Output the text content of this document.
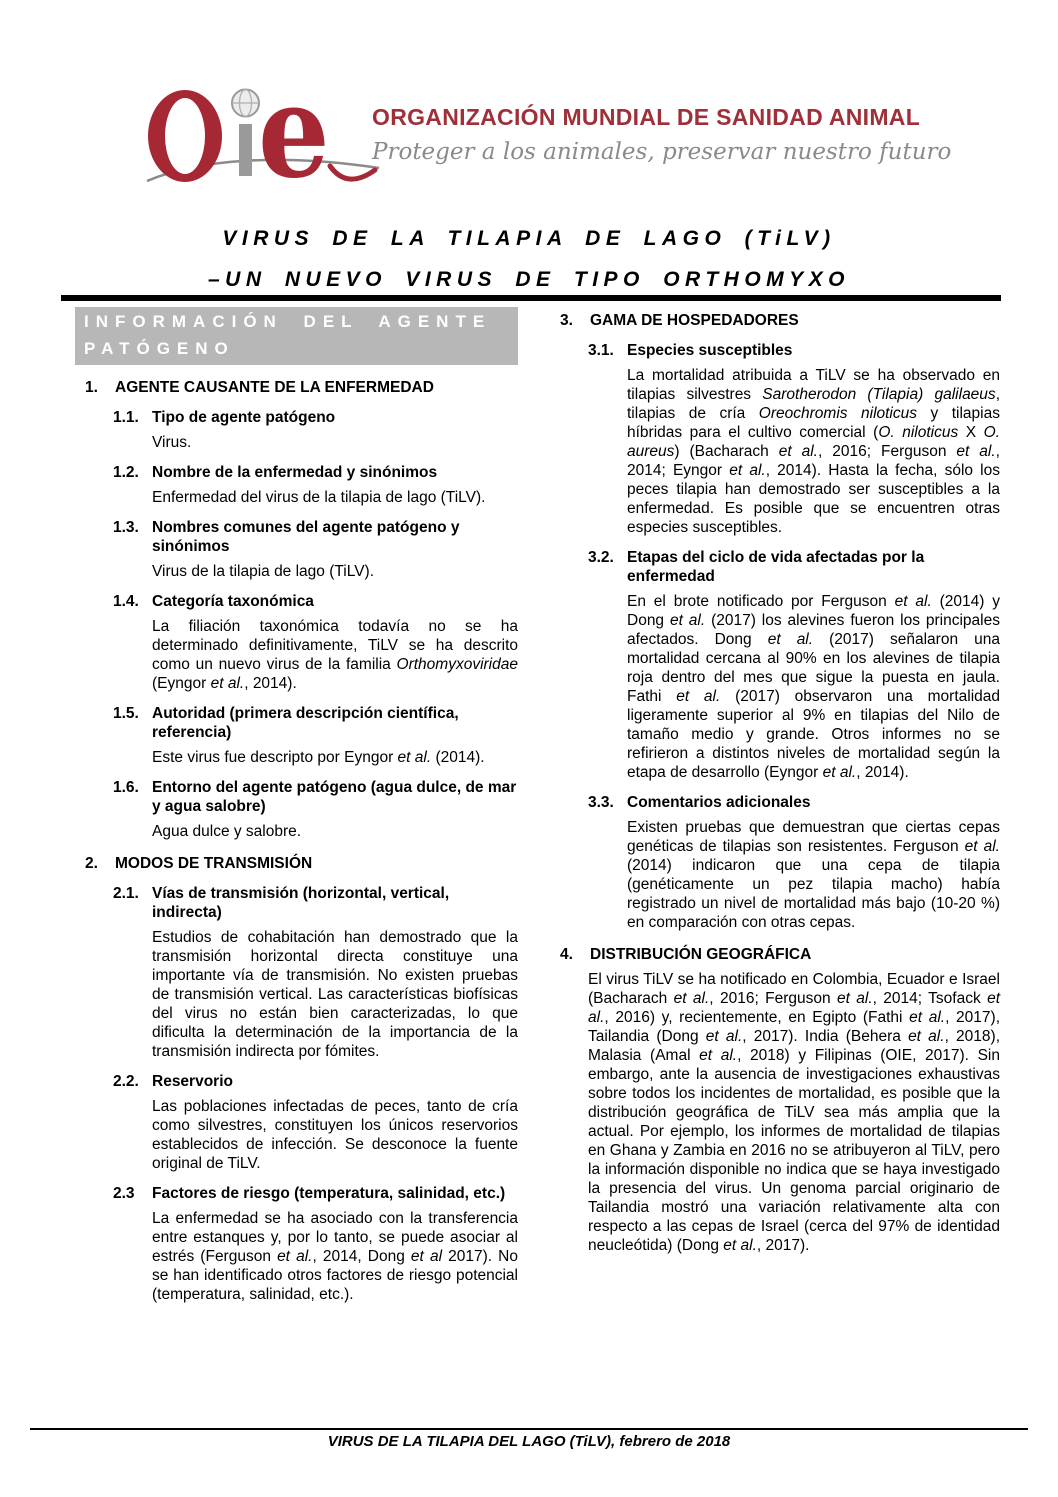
e ORGANIZACIÓN MUNDIAL DE SANIDAD ANIMAL
Proteger a los animales, preservar nuestro futuro
VIRUS DE LA TILAPIA DE LAGO (TiLV)
–UN NUEVO VIRUS DE TIPO ORTHOMYXO
INFORMACIÓN DEL AGENTE PATÓGENO
1.	AGENTE CAUSANTE DE LA ENFERMEDAD
1.1. Tipo de agente patógeno

Virus.

1.2. Nombre de la enfermedad y sinónimos

Enfermedad del virus de la tilapia de lago (TiLV).

1.3. Nombres comunes del agente patógeno y sinónimos

Virus de la tilapia de lago (TiLV).

1.4. Categoría taxonómica

La filiación taxonómica todavía no se ha determinado definitivamente, TiLV se ha descrito como un nuevo virus de la familia Orthomyxoviridae (Eyngor et al., 2014).

1.5. Autoridad (primera descripción científica, referencia)

Este virus fue descripto por Eyngor et al. (2014).

1.6. Entorno del agente patógeno (agua dulce, de mar y agua salobre)

Agua dulce y salobre.

2.	MODOS DE TRANSMISIÓN
2.1. Vías de transmisión (horizontal, vertical, indirecta)

Estudios de cohabitación han demostrado que la transmisión horizontal directa constituye una importante vía de transmisión. No existen pruebas de transmisión vertical. Las características biofísicas del virus no están bien caracterizadas, lo que dificulta la determinación de la importancia de la transmisión indirecta por fómites.

2.2. Reservorio

Las poblaciones infectadas de peces, tanto de cría como silvestres, constituyen los únicos reservorios establecidos de infección. Se desconoce la fuente original de TiLV.

2.3	Factores de riesgo (temperatura, salinidad, etc.)

La enfermedad se ha asociado con la transferencia entre estanques y, por lo tanto, se puede asociar al estrés (Ferguson et al., 2014, Dong et al 2017). No se han identificado otros factores de riesgo potencial (temperatura, salinidad, etc.).

3.	GAMA DE HOSPEDADORES
3.1. Especies susceptibles

La mortalidad atribuida a TiLV se ha observado en tilapias silvestres Sarotherodon (Tilapia) galilaeus, tilapias de cría Oreochromis niloticus y tilapias híbridas para el cultivo comercial (O. niloticus X O. aureus) (Bacharach et al., 2016; Ferguson et al., 2014; Eyngor et al., 2014). Hasta la fecha, sólo los peces tilapia han demostrado ser susceptibles a la enfermedad. Es posible que se encuentren otras especies susceptibles.

3.2. Etapas del ciclo de vida afectadas por la enfermedad

En el brote notificado por Ferguson et al. (2014) y Dong et al. (2017) los alevines fueron los principales afectados. Dong et al. (2017) señalaron una mortalidad cercana al 90% en los alevines de tilapia roja dentro del mes que sigue la puesta en jaula. Fathi et al. (2017) observaron una mortalidad ligeramente superior al 9% en tilapias del Nilo de tamaño medio y grande. Otros informes no se refirieron a distintos niveles de mortalidad según la etapa de desarrollo (Eyngor et al., 2014).

3.3. Comentarios adicionales

Existen pruebas que demuestran que ciertas cepas genéticas de tilapias son resistentes. Ferguson et al. (2014) indicaron que una cepa de tilapia (genéticamente un pez tilapia macho) había registrado un nivel de mortalidad más bajo (10-20 %) en comparación con otras cepas.

4.	DISTRIBUCIÓN GEOGRÁFICA

El virus TiLV se ha notificado en Colombia, Ecuador e Israel (Bacharach et al., 2016; Ferguson et al., 2014; Tsofack et al., 2016) y, recientemente, en Egipto (Fathi et al., 2017), Tailandia (Dong et al., 2017). India (Behera et al., 2018), Malasia (Amal et al., 2018) y Filipinas (OIE, 2017). Sin embargo, ante la ausencia de investigaciones exhaustivas sobre todos los incidentes de mortalidad, es posible que la distribución geográfica de TiLV sea más amplia que la actual. Por ejemplo, los informes de mortalidad de tilapias en Ghana y Zambia en 2016 no se atribuyeron al TiLV, pero la información disponible no indica que se haya investigado la presencia del virus. Un genoma parcial originario de Tailandia mostró una variación relativamente alta con respecto a las cepas de Israel (cerca del 97% de identidad neucleótida) (Dong et al., 2017).

VIRUS DE LA TILAPIA DEL LAGO (TiLV), febrero de 2018
